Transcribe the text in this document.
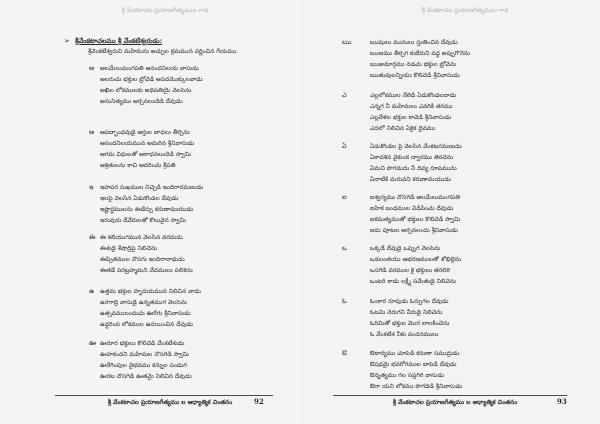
శ్రీ వేంకటాచల ప్రయాణగీత్యముల గాథ
➢ శ్రీవేంకటాచలము శ్రీ వేంకటేశ్వరుడు:
శ్రీవెంకటేశ్వరుని మహిమను అచ్చుల క్రమమున వర్ణించిన గేయము.
అ అలమేలుమంగపతి ఆనందనిలయ వాసుడు
అలరుచు భక్తుల బ్రోచెడి ఆపదమొక్కులవాడు
అఖిల లోకములకు అధిపతియై వెలసెను
అనునిత్యము అర్చనలందెడి దేవుడు
ఆ ఆపద్బాంధవుడై ఆర్తుల బాధలు తీర్చెను
ఆనందనిలయమున అమరిన శ్రీనివాసుడు
ఆగమ విధులతో ఆరాధనలందెడి స్వామి
ఆశ్రితులను కాచి ఆదరించు శ్రీపతి
ఇ ఇహపర సుఖముల నిచ్చెడి ఇందిరారమణుడు
ఇలపై వెలసిన ఏడుకొండల దేవుడు
ఇష్టార్థములను ఈడేర్చు కరుణామయుడు
ఇరువురు దేవేరులతో కొలువైన స్వామి
ఈ ఈ కలియుగమున వెలసిన వరదుడు
ఈశుడై శేషాద్రిపై నిలిచెను
ఈప్సితముల నొసగు ఇందిరానాథుడు
ఈతడే పరబ్రహ్మమని వేదములు పలికెను
ఉ ఉత్తమ భక్తుల హృదయమున నిలిచిన వాడు
ఉరగాద్రి వాసుడై ఉన్నతముగ వెలసెను
ఉత్సవములందుచు ఊరేగు శ్రీనివాసుడు
ఉద్ధరింప లోకముల ఉదయించిన దేవుడు
ఊ ఊరూర భక్తులు కొలిచెడి వేంకటేశుడు
ఊహకందని మహిమల నొసగెడి స్వామి
ఊరేగింపుల వైభవము కన్నుల పండుగ
ఊరట నొసగెడి ఊతమై నిలిచిన దేవుడు
శ్రీ వేంకటాచల ప్రయాణగీత్యము ల ఆధ్యాత్మిక చింతనం	92
శ్రీ వేంకటాచల ప్రయాణగీత్యముల గాథ
ఋ	ఋషులు మునులు స్తుతించిన దేవుడు
ఋణము తీర్చగ కుబేరుని వద్ద అప్పుగొనెను
ఋజుమార్గము నడచు భక్తుల బ్రోచెను
ఋతువులన్నియు కొలిచెడి శ్రీనివాసుడు
ఎ	ఎల్లలోకముల నేలెడి ఏడుకొండలవాడు
ఎన్నగ నీ మహిమలు ఎవరికి తరము
ఎల్లవేళల భక్తుల కాచెడి శ్రీనివాసుడు
ఎదలో నిలిచిన ఏకైక దైవము
ఏ	ఏడుకొండల పై వెలసిన వేంకటరమణుడు
ఏకాదశిన వైకుంఠ ద్వారము తెరచెను
ఏమని పొగడుదు నీ దివ్య రూపమును
ఏనాటికి మరువని కరుణామయుడు
ఐ	ఐశ్వర్యము నొసగెడి అలమేలుమంగపతి
ఐహిక బంధముల విడిపించు దేవుడు
ఐకమత్యముతో భక్తులు కొలిచెడి స్వామి
ఐదు పూటల అర్చనలందు శ్రీనివాసుడు
ఒ	ఒక్కడే దేవుడై ఒప్పుగ వెలసెను
ఒడలంతయు ఆభరణములతో శోభిల్లెను
ఒసగెడి వరముల కై భక్తులు తరలిరి
ఒంటరి కాడు లక్ష్మీ సమేతుడై నిలిచెను
ఓ	ఓంకార రూపుడు ఓర్పుగల దేవుడు
ఓటమి నెరుగని వీరుడై నిలిచెను
ఓరిమితో భక్తుల మొర లాలకించెను
ఓ వేంకటేశ నీకు వందనములు
ఔ	ఔదార్యము చూపెడి కరుణా సముద్రుడు
ఔషధమై భవరోగముల బాపెడి దేవుడు
ఔన్నత్యము గల సప్తగిరి వాసుడు
ఔరా యని లోకము పొగడెడి శ్రీనివాసుడు
శ్రీ వేంకటాచల ప్రయాణగీత్యము ల ఆధ్యాత్మిక చింతనం	93
